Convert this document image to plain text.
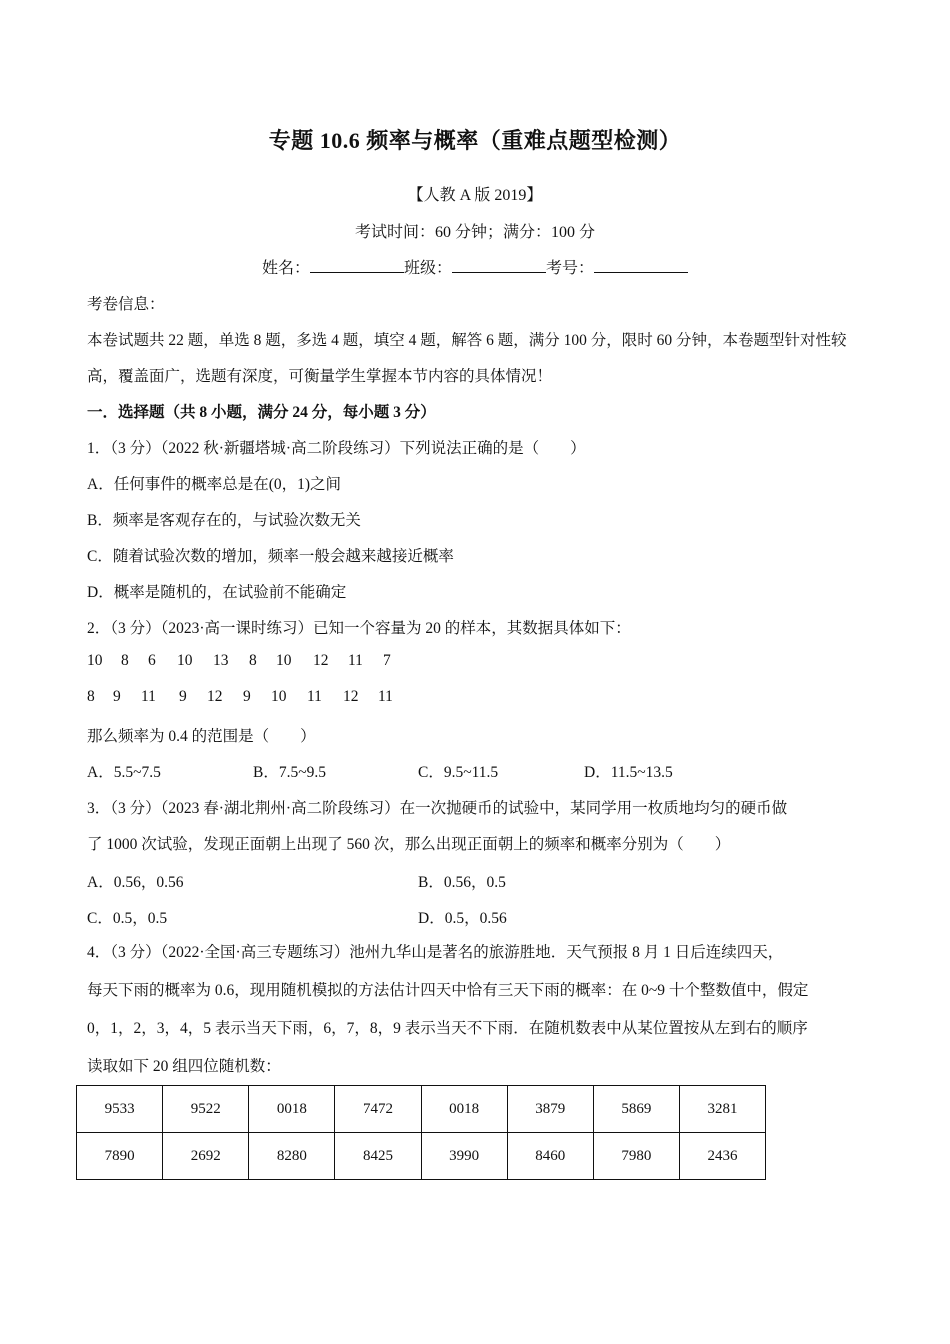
专题 10.6 频率与概率（重难点题型检测）
【人教 A 版 2019】
考试时间：60 分钟；满分：100 分
姓名：	班级：	考号：
考卷信息：
本卷试题共 22 题，单选 8 题，多选 4 题，填空 4 题，解答 6 题，满分 100 分，限时 60 分钟，本卷题型针对性较
高，覆盖面广，选题有深度，可衡量学生掌握本节内容的具体情况！
一．选择题（共 8 小题，满分 24 分，每小题 3 分）
1．（3 分）（2022 秋·新疆塔城·高二阶段练习）下列说法正确的是（　　）
A．任何事件的概率总是在(0，1)之间
B．频率是客观存在的，与试验次数无关
C．随着试验次数的增加，频率一般会越来越接近概率
D．概率是随机的，在试验前不能确定
2．（3 分）（2023·高一课时练习）已知一个容量为 20 的样本，其数据具体如下：
10 8 6 10 13 8 10 12 11 7
8 9 11 9 12 9 10 11 12 11
那么频率为 0.4 的范围是（　　）
A．5.5~7.5	B．7.5~9.5	C．9.5~11.5	D．11.5~13.5
3．（3 分）（2023 春·湖北荆州·高二阶段练习）在一次抛硬币的试验中，某同学用一枚质地均匀的硬币做
了 1000 次试验，发现正面朝上出现了 560 次，那么出现正面朝上的频率和概率分别为（　　）
A．0.56，0.56	B．0.56，0.5
C．0.5，0.5	D．0.5，0.56
4．（3 分）（2022·全国·高三专题练习）池州九华山是著名的旅游胜地．天气预报 8 月 1 日后连续四天，
每天下雨的概率为 0.6，现用随机模拟的方法估计四天中恰有三天下雨的概率：在 0~9 十个整数值中，假定
0，1，2，3，4，5 表示当天下雨，6，7，8，9 表示当天不下雨．在随机数表中从某位置按从左到右的顺序
读取如下 20 组四位随机数：
9533	9522	0018	7472	0018	3879	5869	3281
7890	2692	8280	8425	3990	8460	7980	2436
